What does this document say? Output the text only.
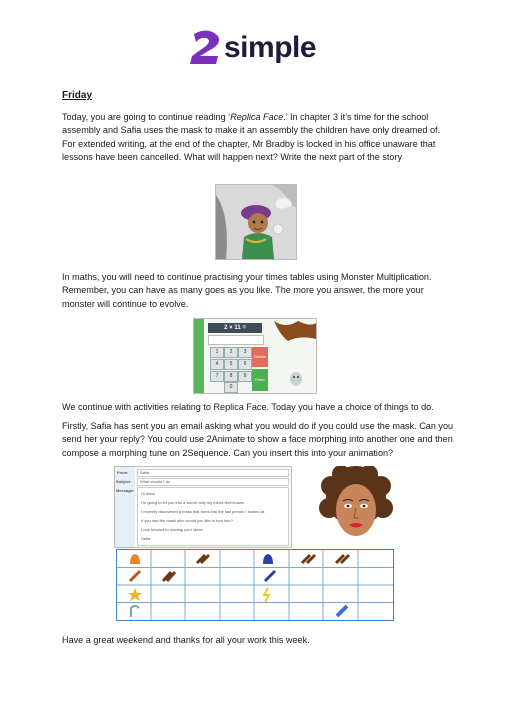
simple
Friday
Today, you are going to continue reading ‘Replica Face.’ In chapter 3 it’s time for the school assembly and Safia uses the mask to make it an assembly the children have only dreamed of. For extended writing, at the end of the chapter, Mr Bradby is locked in his office unaware that lessons have been cancelled. What will happen next? Write the next part of the story
In maths, you will need to continue practising your times tables using Monster Multiplication. Remember, you can have as many goes as you like. The more you answer, the more your monster will continue to evolve.
2 × 11 =
1	2	3
4	5	6
7	8	9
0
Delete
Enter
We continue with activities relating to Replica Face. Today you have a choice of things to do.
Firstly, Safia has sent you an email asking what you would do if you could use the mask. Can you send her your reply? You could use 2Animate to show a face morphing into another one and then compose a morphing tune on 2Sequence. Can you insert this into your animation?
From:	Safia
Subject:	What should I do
Message:
Hi there
I'm going to let you into a secret only my friend Nell knows.
I recently discovered a mask that turns into the last person I looked at.
If you had the mask who would you like to turn into?
Look forward to reading your ideas.
Safia
Have a great weekend and thanks for all your work this week.
